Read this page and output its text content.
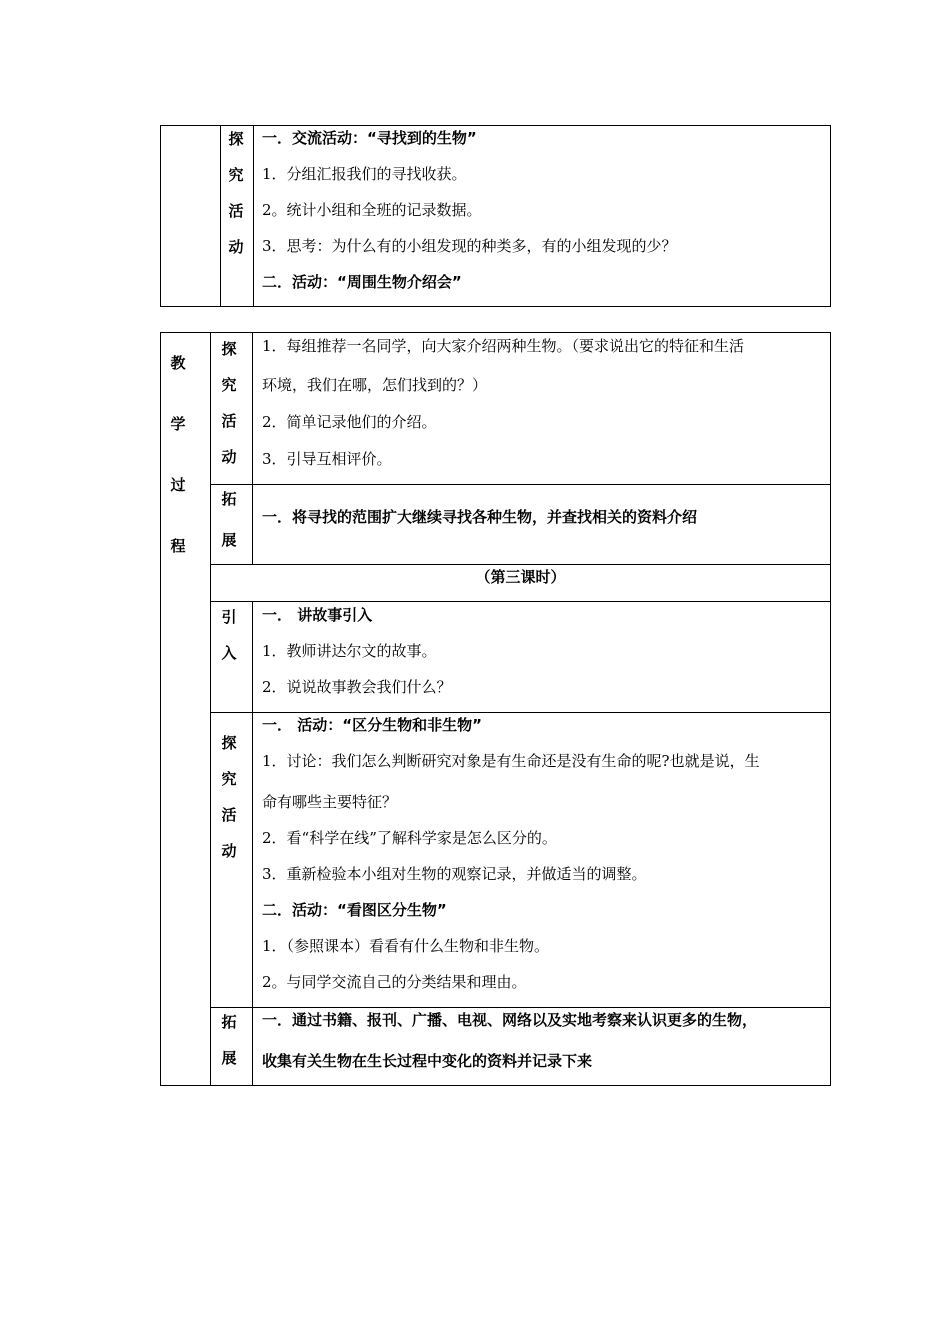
探
究
活
动
一．交流活动：“寻找到的生物”
1．分组汇报我们的寻找收获。
2。统计小组和全班的记录数据。
3．思考：为什么有的小组发现的种类多，有的小组发现的少？
二．活动：“周围生物介绍会”
教
学
过
程
探
究
活
动
1．每组推荐一名同学，向大家介绍两种生物。（要求说出它的特征和生活
环境，我们在哪，怎们找到的？）
2．简单记录他们的介绍。
3．引导互相评价。
拓
展
一．将寻找的范围扩大继续寻找各种生物，并查找相关的资料介绍
（第三课时）
引
入
一． 讲故事引入
1．教师讲达尔文的故事。
2．说说故事教会我们什么？
探
究
活
动
一． 活动：“区分生物和非生物”
1．讨论：我们怎么判断研究对象是有生命还是没有生命的呢?也就是说，生
命有哪些主要特征？
2．看“科学在线”了解科学家是怎么区分的。
3．重新检验本小组对生物的观察记录，并做适当的调整。
二．活动：“看图区分生物”
1．（参照课本）看看有什么生物和非生物。
2。与同学交流自己的分类结果和理由。
拓
展
一．通过书籍、报刊、广播、电视、网络以及实地考察来认识更多的生物，
收集有关生物在生长过程中变化的资料并记录下来
